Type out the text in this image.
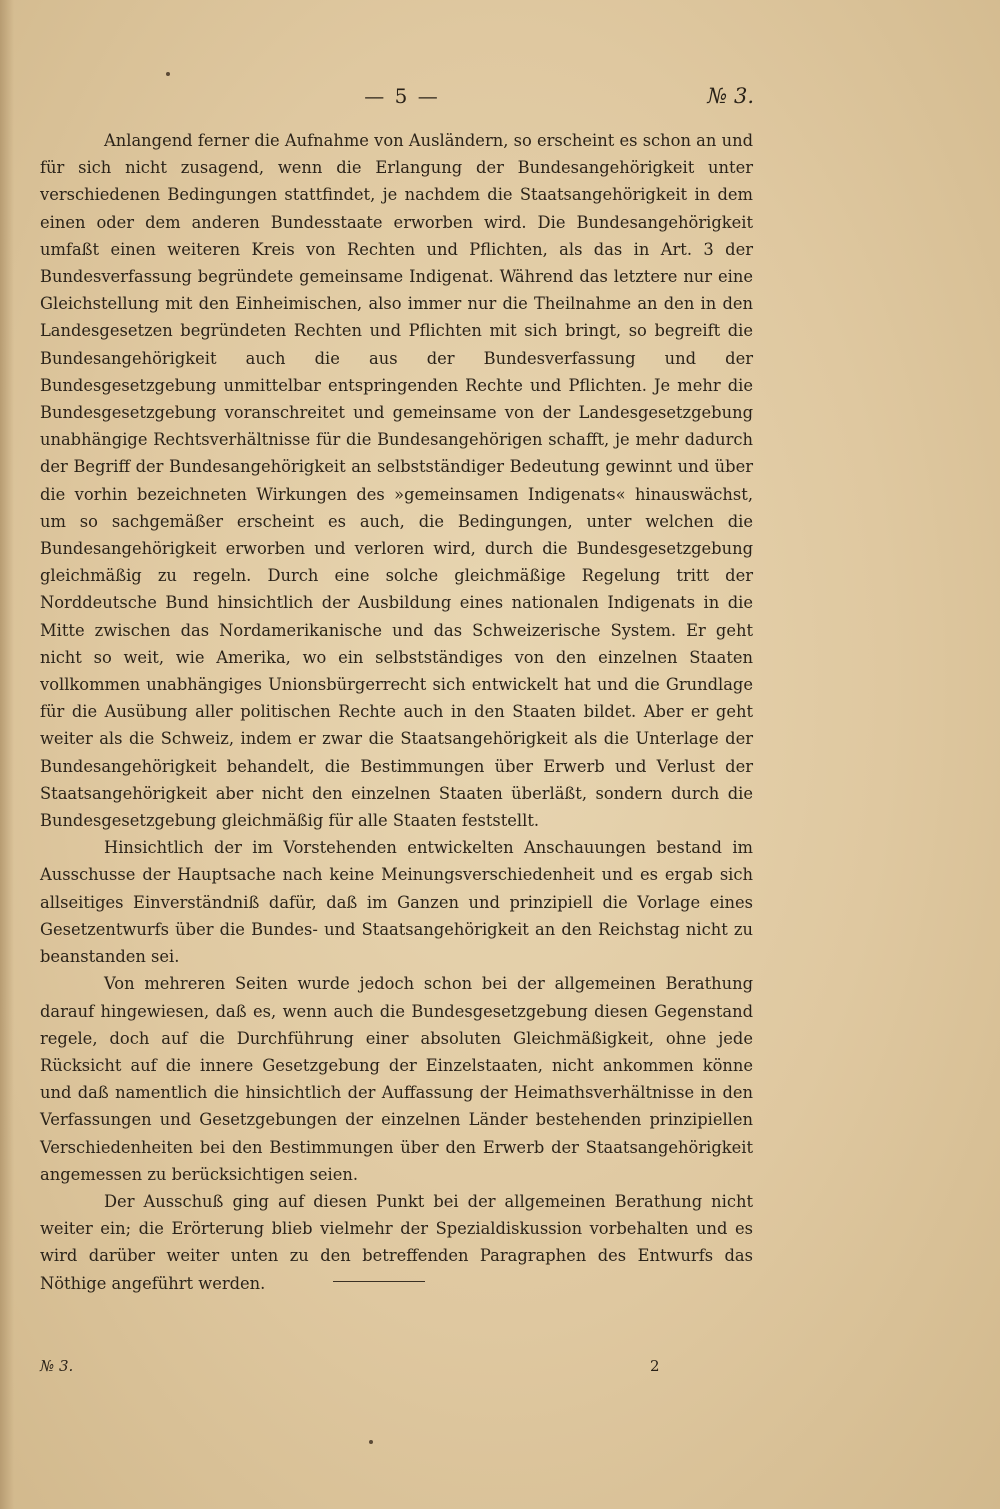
— 5 —	№ 3.

Anlangend ferner die Aufnahme von Ausländern, so erscheint es schon an und für sich nicht zusagend, wenn die Erlangung der Bundesangehörigkeit unter verschiedenen Bedingungen stattfindet, je nachdem die Staatsangehörigkeit in dem einen oder dem anderen Bundesstaate erworben wird. Die Bundesangehörigkeit umfaßt einen weiteren Kreis von Rechten und Pflichten, als das in Art. 3 der Bundesverfassung begründete gemeinsame Indigenat. Während das letztere nur eine Gleichstellung mit den Einheimischen, also immer nur die Theilnahme an den in den Landesgesetzen begründeten Rechten und Pflichten mit sich bringt, so begreift die Bundesangehörigkeit auch die aus der Bundesverfassung und der Bundesgesetzgebung unmittelbar entspringenden Rechte und Pflichten. Je mehr die Bundesgesetzgebung voranschreitet und gemeinsame von der Landesgesetzgebung unabhängige Rechtsverhältnisse für die Bundesangehörigen schafft, je mehr dadurch der Begriff der Bundesangehörigkeit an selbstständiger Bedeutung gewinnt und über die vorhin bezeichneten Wirkungen des »gemeinsamen Indigenats« hinauswächst, um so sachgemäßer erscheint es auch, die Bedingungen, unter welchen die Bundesangehörigkeit erworben und verloren wird, durch die Bundesgesetzgebung gleichmäßig zu regeln. Durch eine solche gleichmäßige Regelung tritt der Norddeutsche Bund hinsichtlich der Ausbildung eines nationalen Indigenats in die Mitte zwischen das Nordamerikanische und das Schweizerische System. Er geht nicht so weit, wie Amerika, wo ein selbstständiges von den einzelnen Staaten vollkommen unabhängiges Unionsbürgerrecht sich entwickelt hat und die Grundlage für die Ausübung aller politischen Rechte auch in den Staaten bildet. Aber er geht weiter als die Schweiz, indem er zwar die Staatsangehörigkeit als die Unterlage der Bundesangehörigkeit behandelt, die Bestimmungen über Erwerb und Verlust der Staatsangehörigkeit aber nicht den einzelnen Staaten überläßt, sondern durch die Bundesgesetzgebung gleichmäßig für alle Staaten feststellt.

Hinsichtlich der im Vorstehenden entwickelten Anschauungen bestand im Ausschusse der Hauptsache nach keine Meinungsverschiedenheit und es ergab sich allseitiges Einverständniß dafür, daß im Ganzen und prinzipiell die Vorlage eines Gesetzentwurfs über die Bundes- und Staatsangehörigkeit an den Reichstag nicht zu beanstanden sei.

Von mehreren Seiten wurde jedoch schon bei der allgemeinen Berathung darauf hingewiesen, daß es, wenn auch die Bundesgesetzgebung diesen Gegenstand regele, doch auf die Durchführung einer absoluten Gleichmäßigkeit, ohne jede Rücksicht auf die innere Gesetzgebung der Einzelstaaten, nicht ankommen könne und daß namentlich die hinsichtlich der Auffassung der Heimathsverhältnisse in den Verfassungen und Gesetzgebungen der einzelnen Länder bestehenden prinzipiellen Verschiedenheiten bei den Bestimmungen über den Erwerb der Staatsangehörigkeit angemessen zu berücksichtigen seien.

Der Ausschuß ging auf diesen Punkt bei der allgemeinen Berathung nicht weiter ein; die Erörterung blieb vielmehr der Spezialdiskussion vorbehalten und es wird darüber weiter unten zu den betreffenden Paragraphen des Entwurfs das Nöthige angeführt werden.

№ 3.	2
